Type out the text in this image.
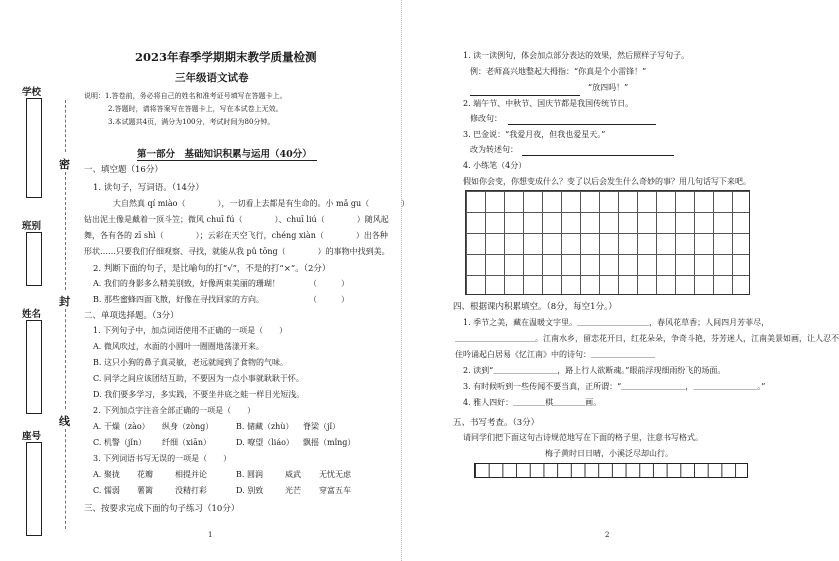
学校
班别
姓名
座号
密
封
线
2023年春季学期期末教学质量检测
三年级语文试卷
说明：1.答卷前，务必将自己的姓名和准考证号填写在答题卡上。
2.答题时，请将答案写在答题卡上，写在本试卷上无效。
3.本试题共4页，满分为100分，考试时间为80分钟。
第一部分　基础知识积累与运用（40分）
一、填空题（16分）
1. 读句子，写词语。（14分）
大自然真 qí miào（　　　　），一切看上去都是有生命的。小 mǎ gu（　　　　）
钻出泥土像是戴着一顶斗笠；微风 chuī fú（　　　　）、chuī liú（　　　　）随风起
舞，各有各的 zī shì（　　　　）；云彩在天空飞行，chéng xiàn（　　　　）出各种
形状……只要我们仔细观察、寻找，就能从我 pǔ tōng（　　　　）的事物中找到美。
2. 判断下面的句子，是比喻句的打“√”，不是的打“×”。（2分）
A. 我们的身影多么精美别致，好像两束美丽的珊瑚！	（　　　）
B. 那些蜜蜂四面飞散，好像在寻找回家的方向。	（　　　）
二、单项选择题。（3分）
1. 下列句子中，加点词语使用不正确的一项是（　　）
A. 微风吹过，水面的小圆叶一圈圈地荡漾开来。
B. 这只小狗的鼻子真灵敏，老远就闻到了食物的气味。
C. 同学之间应该团结互助，不要因为一点小事就耿耿于怀。
D. 我们要多学习，多实践，不要坐井底之蛙一样目光短浅。
2. 下列加点字注音全部正确的一项是（　　）
A. 干燥（zào） 纵身（zòng）	B. 储藏（zhù） 脊梁（jǐ）
C. 机警（jǐn） 纤细（xiān）	D. 嘹望（liáo） 飘摇（mǐng）
3. 下列词语书写无误的一项是（　　）
A. 聚拢 花瓣	相提并论	B. 圆润	威武 无忧无虑
C. 懦弱 薯篱	没精打彩	D. 别致	光芒 穿富五车
三、按要求完成下面的句子练习（10分）
1
1. 读一读例句，体会加点部分表达的效果，然后照样子写句子。
例：老师高兴地整起大拇指：“你真是个小雷锋！”
“放四吗！”
2. 端午节、中秋节、国庆节都是我国传统节日。
修改句：
3. 巴金说：“我爱月夜，但我也爱星天。”
改为转述句：
4. 小练笔（4分）
假如你会变，你想变成什么？变了以后会发生什么奇妙的事？用几句话写下来吧。
四、根据课内积累填空。（8分，每空1分。）
1. 季节之美，藏在温暖文字里。＿＿＿＿＿＿＿＿＿，春风花草香；人间四月芳菲尽，
＿＿＿＿＿＿＿＿＿＿。江南水乡，留恋花开日，红花朵朵，争奇斗艳，芬芳迷人，江南美景如画，让人忍不
住吟诵起白居易《忆江南》中的诗句：＿＿＿＿＿＿＿＿
2. 读到“＿＿＿＿＿＿＿＿，路上行人欲断魂。”眼前浮现细雨纷飞的场面。
3. 有时候听到一些传闻不要当真，正所谓：“＿＿＿＿＿＿＿＿，＿＿＿＿＿＿＿＿。”
4. 雅人四好：＿＿＿＿棋＿＿＿＿画。
五、书写考查。（3分）
请同学们把下面这句古诗规范地写在下面的格子里，注意书写格式。
梅子黄时日日晴，小溪泛尽却山行。
2
